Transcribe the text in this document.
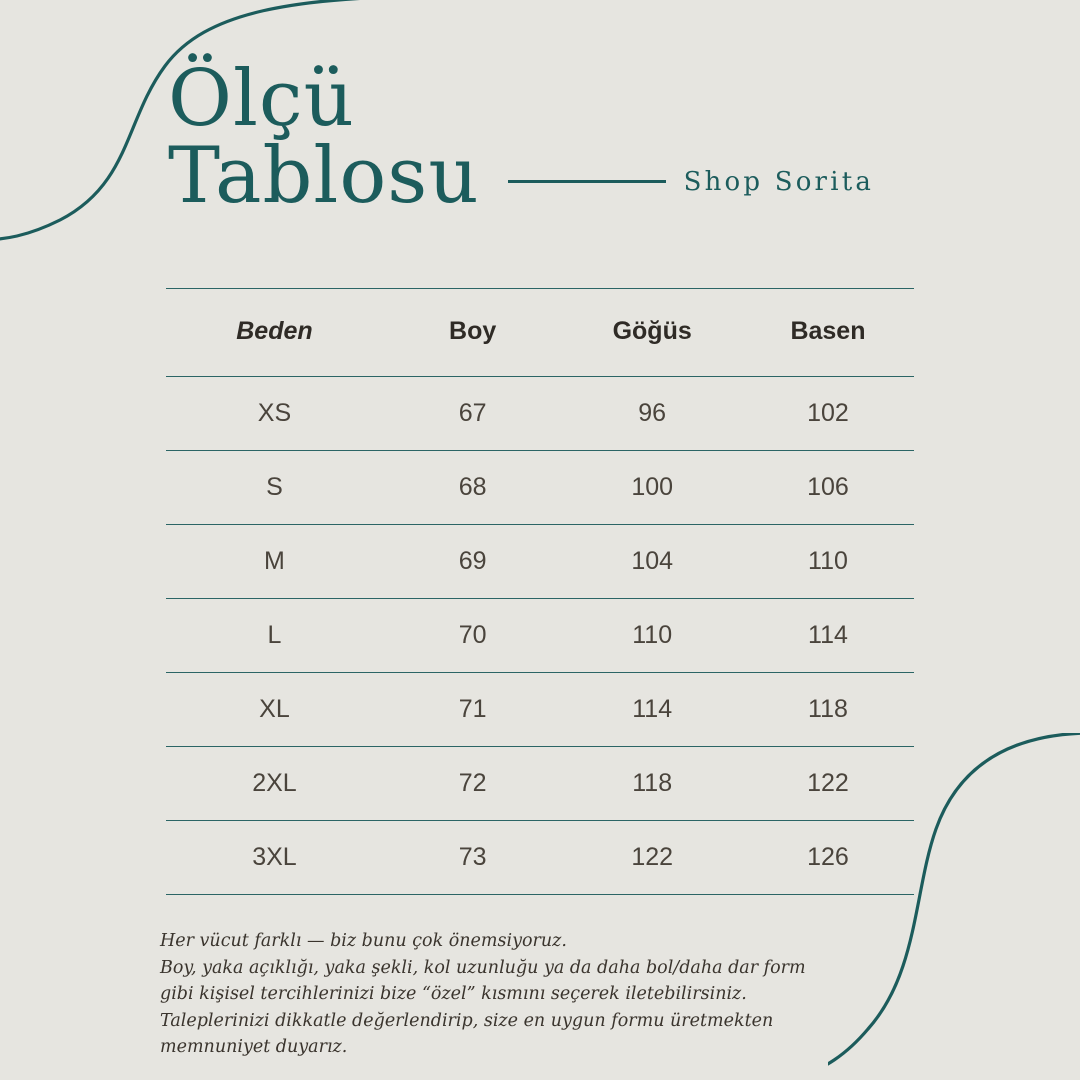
Ölçü
Tablosu	Shop Sorita
Beden	Boy	Göğüs	Basen
XS	67	96	102
S	68	100	106
M	69	104	110
L	70	110	114
XL	71	114	118
2XL	72	118	122
3XL	73	122	126

Her vücut farklı — biz bunu çok önemsiyoruz.

Boy, yaka açıklığı, yaka şekli, kol uzunluğu ya da daha bol/daha dar form

gibi kişisel tercihlerinizi bize “özel” kısmını seçerek iletebilirsiniz.

Taleplerinizi dikkatle değerlendirip, size en uygun formu üretmekten

memnuniyet duyarız.
